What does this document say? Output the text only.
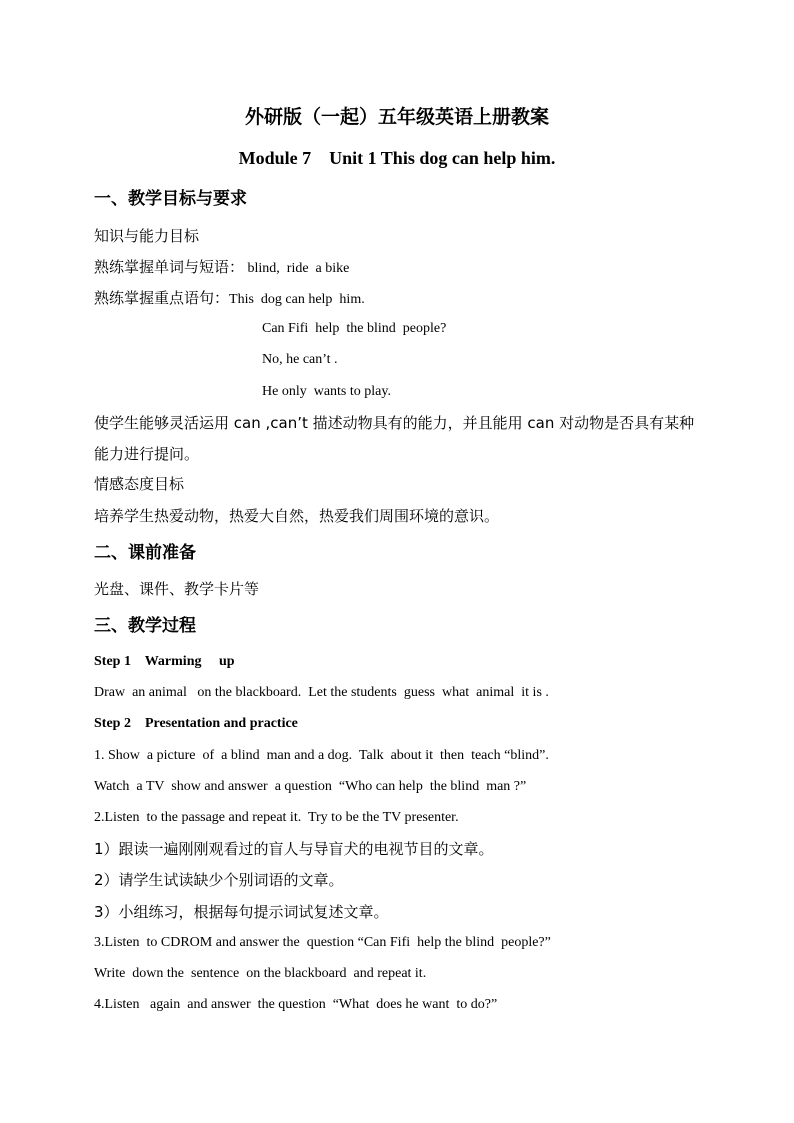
外研版（一起）五年级英语上册教案
Module 7    Unit 1 This dog can help him.
一、教学目标与要求
知识与能力目标
熟练掌握单词与短语： blind,  ride  a bike
熟练掌握重点语句：This  dog can help  him.
Can Fifi  help  the blind  people?
No, he can’t .
He only  wants to play.
使学生能够灵活运用 can ,can’t 描述动物具有的能力，并且能用 can 对动物是否具有某种能力进行提问。
情感态度目标
培养学生热爱动物，热爱大自然，热爱我们周围环境的意识。
二、课前准备
光盘、课件、教学卡片等
三、教学过程
Step 1    Warming     up
Draw  an animal   on the blackboard.  Let the students  guess  what  animal  it is .
Step 2    Presentation and practice
1. Show  a picture  of  a blind  man and a dog.  Talk  about it  then  teach “blind”.
Watch  a TV  show and answer  a question  “Who can help  the blind  man ?”
2.Listen  to the passage and repeat it.  Try to be the TV presenter.
1）跟读一遍刚刚观看过的盲人与导盲犬的电视节目的文章。
2）请学生试读缺少个别词语的文章。
3）小组练习，根据每句提示词试复述文章。
3.Listen  to CDROM and answer the  question “Can Fifi  help the blind  people?”
Write  down the  sentence  on the blackboard  and repeat it.
4.Listen   again  and answer  the question  “What  does he want  to do?”
